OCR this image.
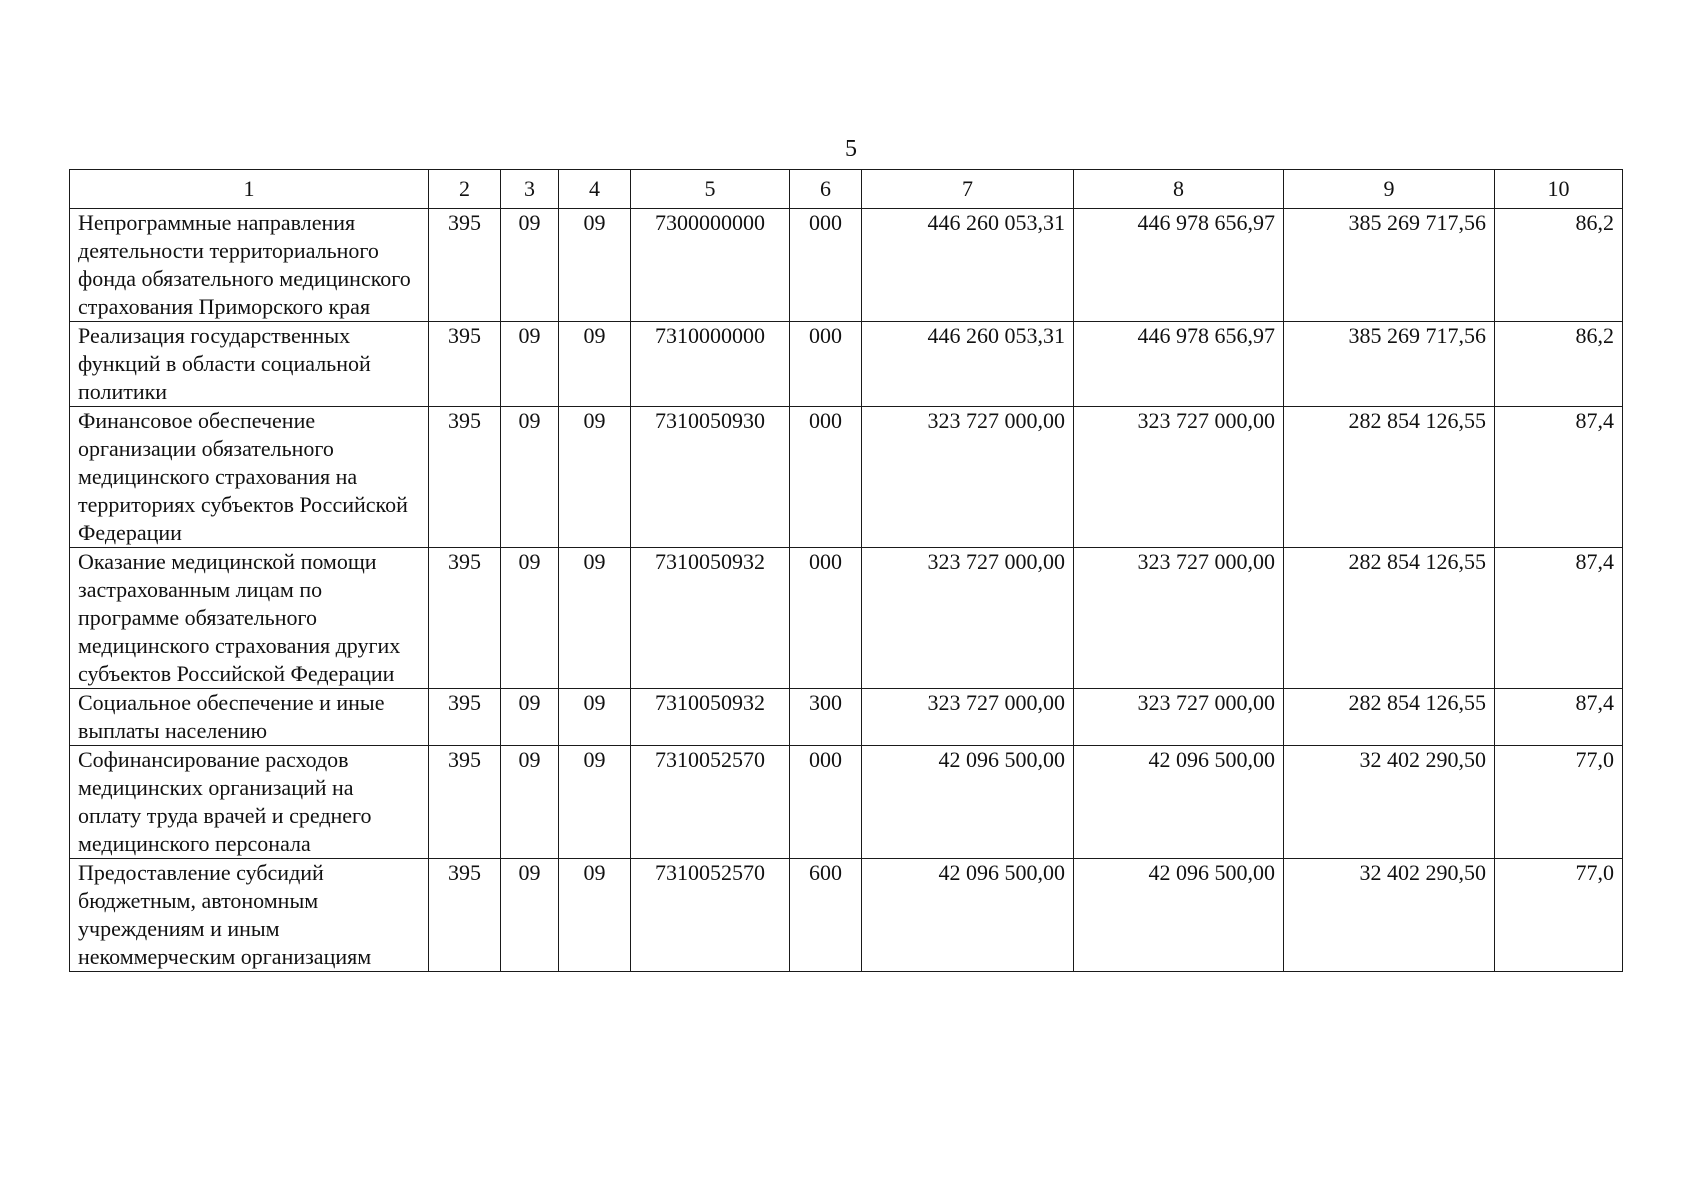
5
1	2	3	4	5	6	7	8	9	10
Непрограммные направления деятельности территориального фонда обязательного медицинского страхования Приморского края	395	09	09	7300000000	000	446 260 053,31	446 978 656,97	385 269 717,56	86,2
Реализация государственных функций в области социальной политики	395	09	09	7310000000	000	446 260 053,31	446 978 656,97	385 269 717,56	86,2
Финансовое обеспечение организации обязательного медицинского страхования на территориях субъектов Российской Федерации	395	09	09	7310050930	000	323 727 000,00	323 727 000,00	282 854 126,55	87,4
Оказание медицинской помощи застрахованным лицам по программе обязательного медицинского страхования других субъектов Российской Федерации	395	09	09	7310050932	000	323 727 000,00	323 727 000,00	282 854 126,55	87,4
Социальное обеспечение и иные выплаты населению	395	09	09	7310050932	300	323 727 000,00	323 727 000,00	282 854 126,55	87,4
Софинансирование расходов медицинских организаций на оплату труда врачей и среднего медицинского персонала	395	09	09	7310052570	000	42 096 500,00	42 096 500,00	32 402 290,50	77,0
Предоставление субсидий бюджетным, автономным учреждениям и иным некоммерческим организациям	395	09	09	7310052570	600	42 096 500,00	42 096 500,00	32 402 290,50	77,0
